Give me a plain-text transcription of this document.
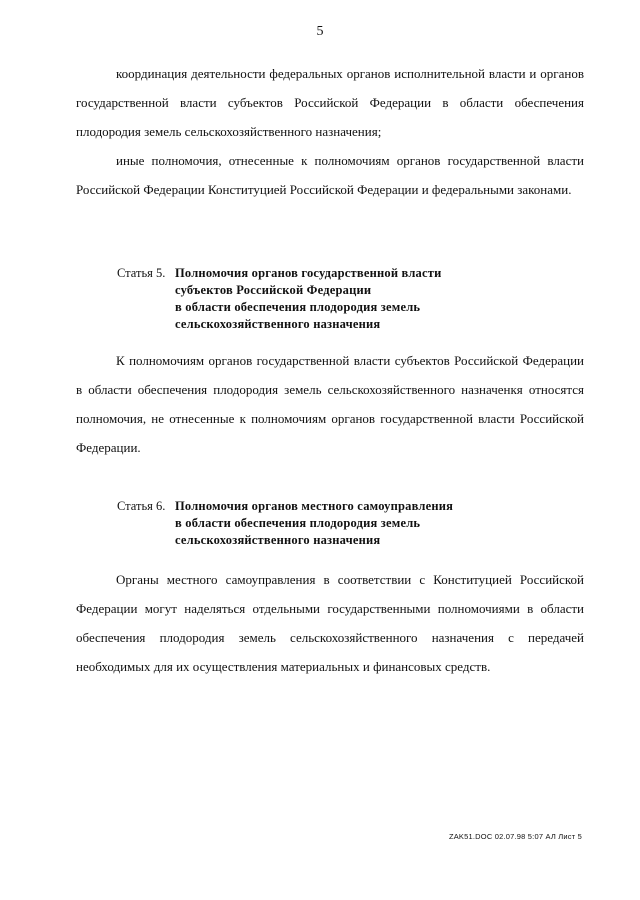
5

координация деятельности федеральных органов исполнительной власти и органов государственной власти субъектов Российской Федерации в области обеспечения плодородия земель сельскохозяйственного назначения;

иные полномочия, отнесенные к полномочиям органов государственной власти Российской Федерации Конституцией Российской Федерации и федеральными законами.

Статья 5. Полномочия органов государственной власти
субъектов Российской Федерации
в области обеспечения плодородия земель
сельскохозяйственного назначения

К полномочиям органов государственной власти субъектов Российской Федерации в области обеспечения плодородия земель сельскохозяйственного назначенкя относятся полномочия, не отнесенные к полномочиям органов государственной власти Российской Федерации.

Статья 6. Полномочия органов местного самоуправления
в области обеспечения плодородия земель
сельскохозяйственного назначения

Органы местного самоуправления в соответствии с Конституцией Российской Федерации могут наделяться отдельными государственными полномочиями в области обеспечения плодородия земель сельскохозяйственного назначения с передачей необходимых для их осуществления материальных и финансовых средств.

ZAK51.DOC 02.07.98 5:07 АЛ Лист 5
